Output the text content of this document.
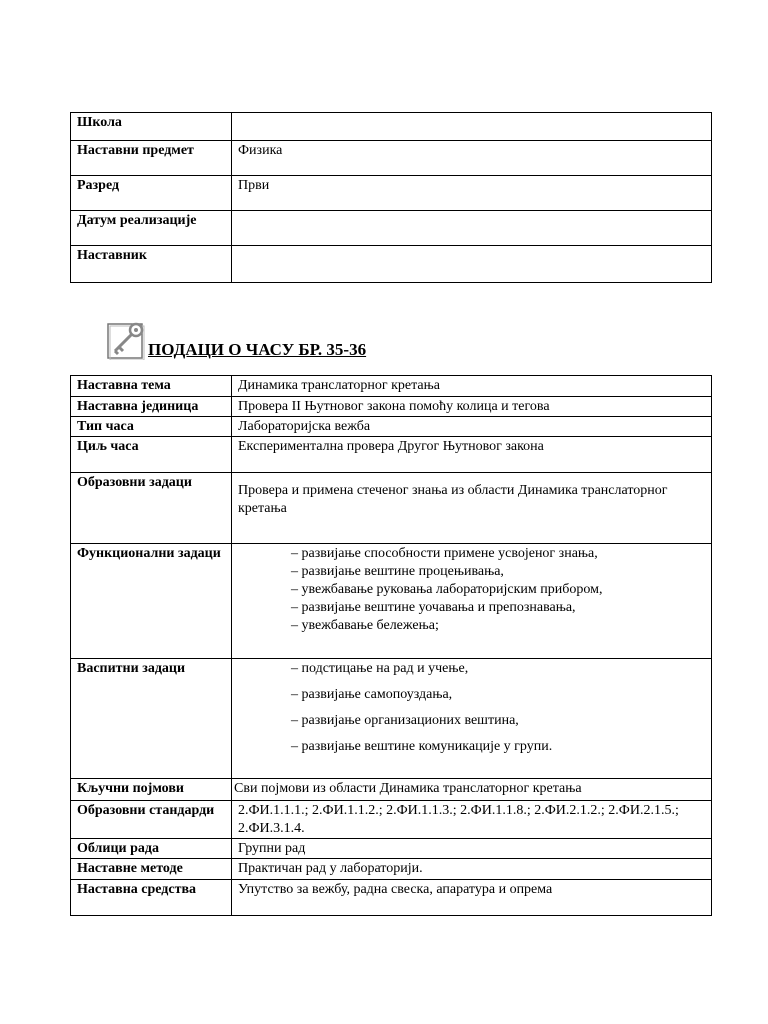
Школа	
Наставни предмет	Физика
Разред	Први
Датум реализације	
Наставник	
ПОДАЦИ О ЧАСУ БР. 35-36
Наставна тема	Динамика транслаторног кретања
Наставна јединица	Провера II Њутновог закона помоћу колица и тегова
Тип часа	Лабораторијска вежба
Циљ часа	Експериментална провера Другог Њутновог закона
Образовни задаци	Провера и примена стеченог знања из области Динамика транслаторног кретања

Функционални задаци	– развијање способности примене усвојеног знања,
– развијање вештине процењивања,
– увежбавање руковања лабораторијским прибором,
– развијање вештине уочавања и препознавања,
– увежбавање бележења;

Васпитни задаци	– подстицање на рад и учење,
– развијање самопоуздања,
– развијање организационих вештина,
– развијање вештине комуникације у групи.

Кључни појмови	Сви појмови из области Динамика транслаторног кретања
Образовни стандарди	2.ФИ.1.1.1.; 2.ФИ.1.1.2.; 2.ФИ.1.1.3.; 2.ФИ.1.1.8.; 2.ФИ.2.1.2.; 2.ФИ.2.1.5.; 2.ФИ.3.1.4.
Облици рада	Групни рад
Наставне методе	Практичан рад у лабораторији.
Наставна средства	Упутство за вежбу, радна свеска, апаратура и опрема
